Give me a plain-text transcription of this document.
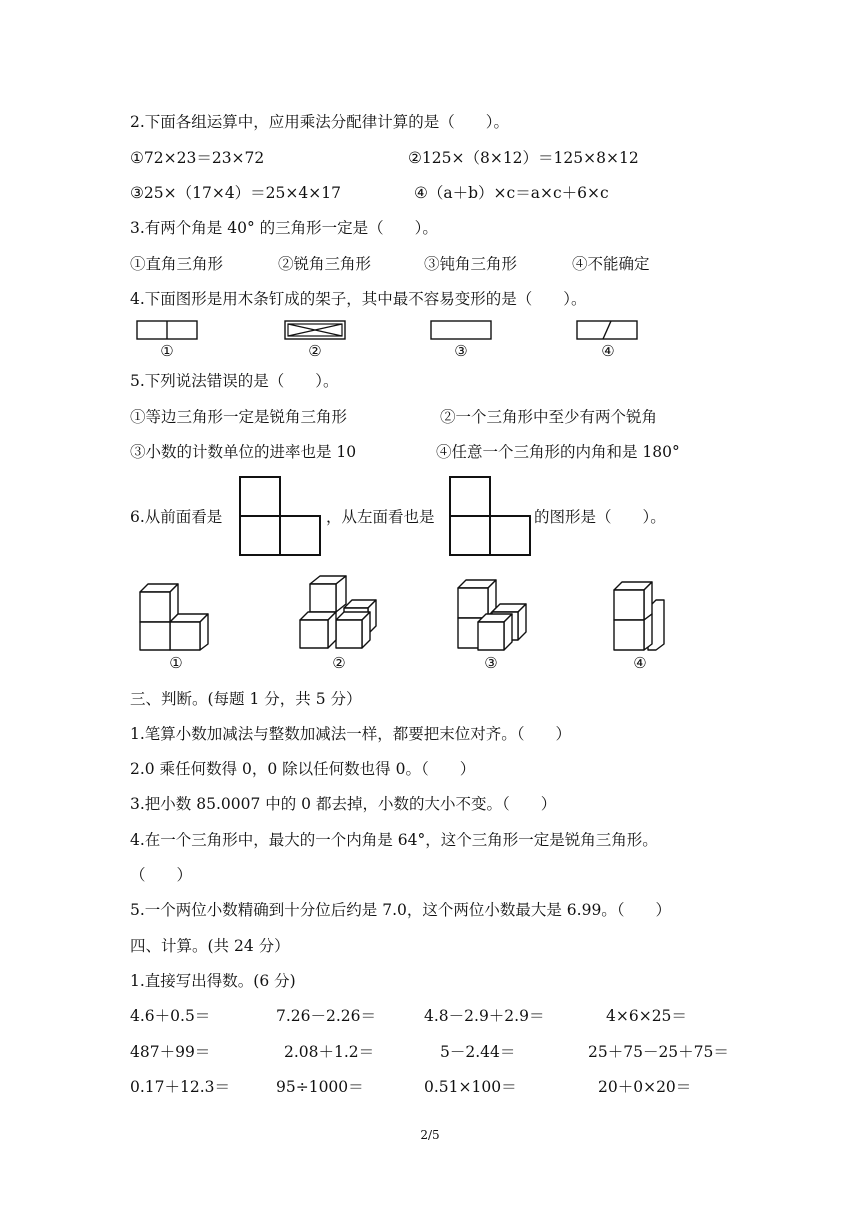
2.下面各组运算中，应用乘法分配律计算的是（　　）。
①72×23＝23×72	②125×（8×12）＝125×8×12
③25×（17×4）＝25×4×17	④（a＋b）×c＝a×c＋6×c
3.有两个角是 40° 的三角形一定是（　　）。
①直角三角形	②锐角三角形	③钝角三角形	④不能确定
4.下面图形是用木条钉成的架子，其中最不容易变形的是（　　）。
①	②	③	④
5.下列说法错误的是（　　）。
①等边三角形一定是锐角三角形	②一个三角形中至少有两个锐角
③小数的计数单位的进率也是 10	④任意一个三角形的内角和是 180°
6.从前面看是	，从左面看也是	的图形是（　　）。
①	②	③	④
三、判断。(每题 1 分，共 5 分）
1.笔算小数加减法与整数加减法一样，都要把末位对齐。（　　）
2.0 乘任何数得 0，0 除以任何数也得 0。（　　）
3.把小数 85.0007 中的 0 都去掉，小数的大小不变。（　　）
4.在一个三角形中，最大的一个内角是 64°，这个三角形一定是锐角三角形。
（　　）
5.一个两位小数精确到十分位后约是 7.0，这个两位小数最大是 6.99。（　　）
四、计算。(共 24 分）
1.直接写出得数。(6 分)
4.6＋0.5＝	7.26－2.26＝	4.8－2.9＋2.9＝	4×6×25＝
487＋99＝	2.08＋1.2＝	5－2.44＝	25＋75－25＋75＝
0.17＋12.3＝	95÷1000＝	0.51×100＝	20＋0×20＝
2/5
